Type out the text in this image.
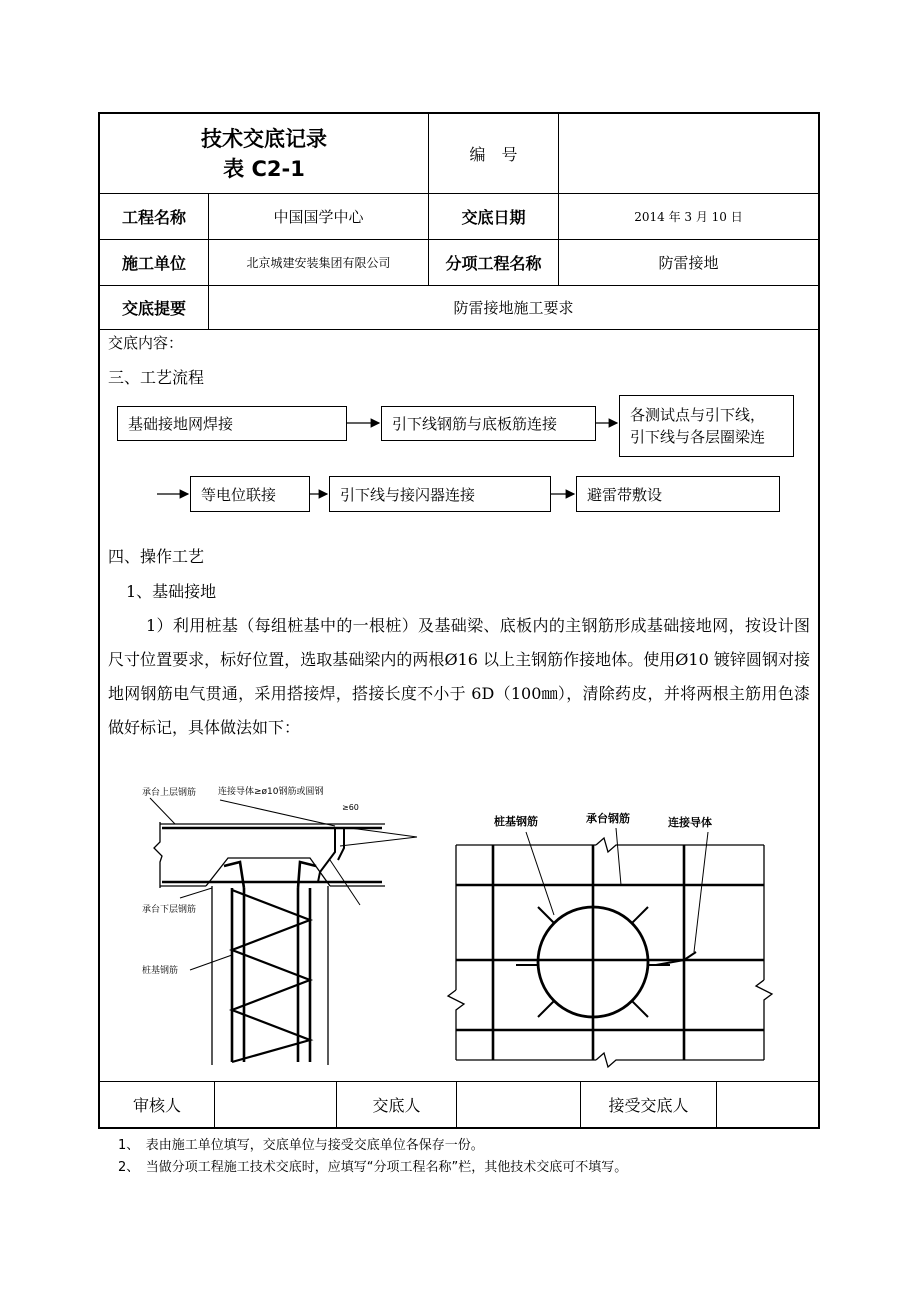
技术交底记录
表 C2-1
编　号
工程名称	中国国学中心	交底日期	2014 年 3 月 10 日
施工单位	北京城建安装集团有限公司	分项工程名称	防雷接地
交底提要	防雷接地施工要求
交底内容：
三、工艺流程
基础接地网焊接	引下线钢筋与底板筋连接	各测试点与引下线，
引下线与各层圈梁连
等电位联接	引下线与接闪器连接	避雷带敷设
四、操作工艺
1、基础接地
1）利用桩基（每组桩基中的一根桩）及基础梁、底板内的主钢筋形成基础接地网，按设计图尺寸位置要求，标好位置，选取基础梁内的两根Ø16 以上主钢筋作接地体。使用Ø10 镀锌圆钢对接地网钢筋电气贯通，采用搭接焊，搭接长度不小于 6D（100㎜），清除药皮，并将两根主筋用色漆做好标记，具体做法如下：
承台上层钢筋 连接导体≥ø10钢筋或圆钢
≥60
承台下层钢筋
桩基钢筋
桩基钢筋	承台钢筋	连接导体
审核人	交底人	接受交底人
1、　表由施工单位填写，交底单位与接受交底单位各保存一份。
2、　当做分项工程施工技术交底时，应填写“分项工程名称”栏，其他技术交底可不填写。
